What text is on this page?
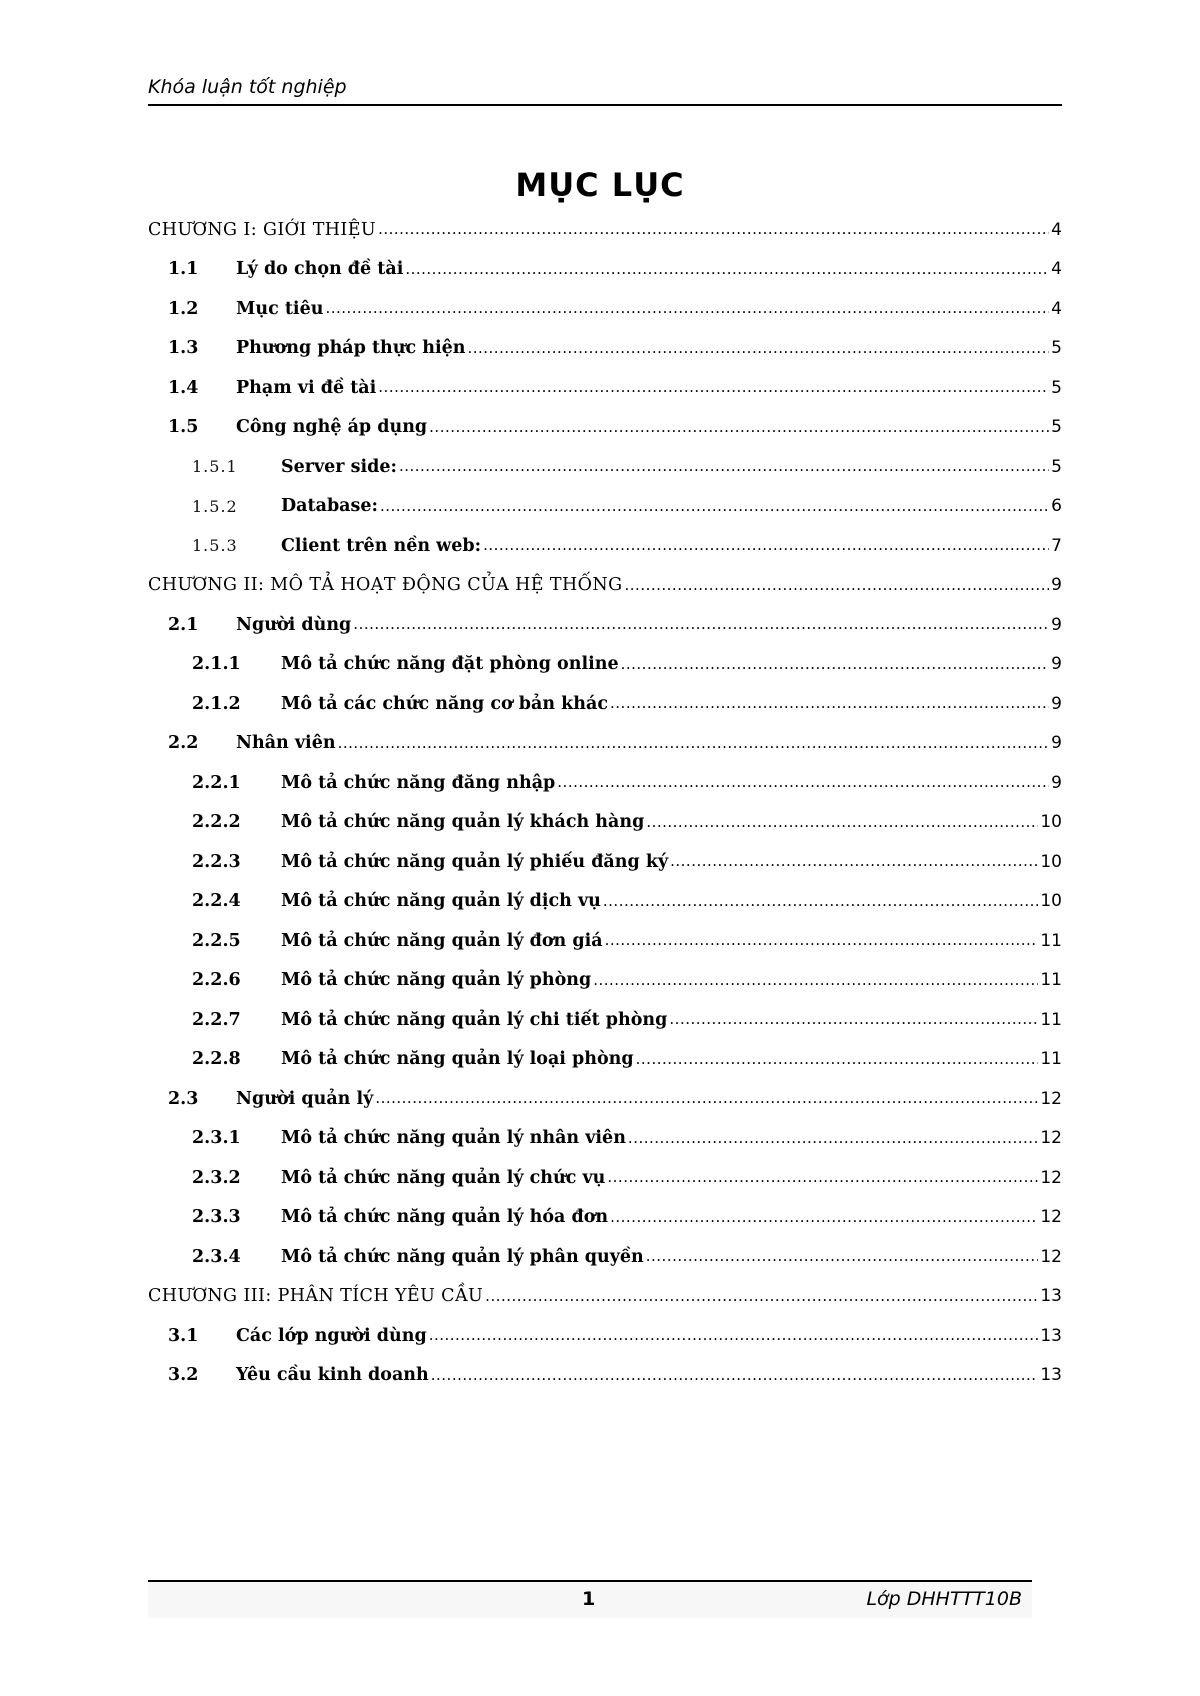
Khóa luận tốt nghiệp
MỤC LỤC
CHƯƠNG I: GIỚI THIỆU .....	4
1.1	Lý do chọn đề tài .....	4
1.2	Mục tiêu .....	4
1.3	Phương pháp thực hiện .....	5
1.4	Phạm vi đề tài .....	5
1.5	Công nghệ áp dụng .....	5
1.5.1	Server side: .....	5
1.5.2	Database: .....	6
1.5.3	Client trên nền web: .....	7
CHƯƠNG II: MÔ TẢ HOẠT ĐỘNG CỦA HỆ THỐNG .....	9
2.1	Người dùng .....	9
2.1.1	Mô tả chức năng đặt phòng online .....	9
2.1.2	Mô tả các chức năng cơ bản khác .....	9
2.2	Nhân viên .....	9
2.2.1	Mô tả chức năng đăng nhập .....	9
2.2.2	Mô tả chức năng quản lý khách hàng .....	10
2.2.3	Mô tả chức năng quản lý phiếu đăng ký .....	10
2.2.4	Mô tả chức năng quản lý dịch vụ .....	10
2.2.5	Mô tả chức năng quản lý đơn giá .....	11
2.2.6	Mô tả chức năng quản lý phòng .....	11
2.2.7	Mô tả chức năng quản lý chi tiết phòng .....	11
2.2.8	Mô tả chức năng quản lý loại phòng .....	11
2.3	Người quản lý .....	12
2.3.1	Mô tả chức năng quản lý nhân viên .....	12
2.3.2	Mô tả chức năng quản lý chức vụ .....	12
2.3.3	Mô tả chức năng quản lý hóa đơn .....	12
2.3.4	Mô tả chức năng quản lý phân quyền .....	12
CHƯƠNG III: PHÂN TÍCH YÊU CẦU .....	13
3.1	Các lớp người dùng .....	13
3.2	Yêu cầu kinh doanh .....	13
1	Lớp DHHTTT10B
